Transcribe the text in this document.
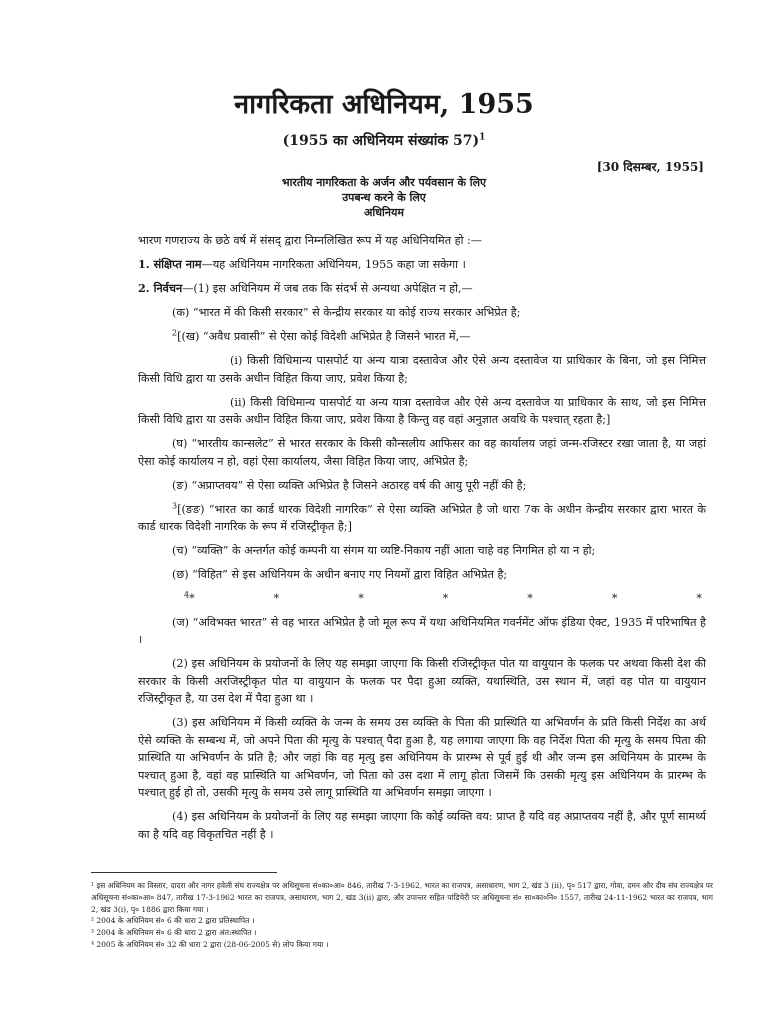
नागरिकता अधिनियम, 1955
(1955 का अधिनियम संख्यांक 57)$^1$
[30 दिसम्बर, 1955]
भारतीय नागरिकता के अर्जन और पर्यवसान के लिए
उपबन्ध करने के लिए
अधिनियम

भारण गणराज्य के छठे वर्ष में संसद् द्वारा निम्नलिखित रूप में यह अधिनियमित हो :—

1. संक्षिप्त नाम—यह अधिनियम नागरिकता अधिनियम, 1955 कहा जा सकेगा ।

2. निर्वचन—(1) इस अधिनियम में जब तक कि संदर्भ से अन्यथा अपेक्षित न हो,—

(क) “भारत में की किसी सरकार” से केन्द्रीय सरकार या कोई राज्य सरकार अभिप्रेत है;

$^2$[(ख) “अवैध प्रवासी” से ऐसा कोई विदेशी अभिप्रेत है जिसने भारत में,—

(i) किसी विधिमान्य पासपोर्ट या अन्य यात्रा दस्तावेज और ऐसे अन्य दस्तावेज या प्राधिकार के बिना, जो इस निमित्त किसी विधि द्वारा या उसके अधीन विहित किया जाए, प्रवेश किया है;

(ii) किसी विधिमान्य पासपोर्ट या अन्य यात्रा दस्तावेज और ऐसे अन्य दस्तावेज या प्राधिकार के साथ, जो इस निमित्त किसी विधि द्वारा या उसके अधीन विहित किया जाए, प्रवेश किया है किन्तु वह वहां अनुज्ञात अवधि के पश्चात् रहता है;]

(घ) “भारतीय कान्सलेट” से भारत सरकार के किसी कौन्सलीय आफिसर का वह कार्यालय जहां जन्म-रजिस्टर रखा जाता है, या जहां ऐसा कोई कार्यालय न हो, वहां ऐसा कार्यालय, जैसा विहित किया जाए, अभिप्रेत है;

(ङ) “अप्राप्तवय” से ऐसा व्यक्ति अभिप्रेत है जिसने अठारह वर्ष की आयु पूरी नहीं की है;

$^3$[(ङङ) “भारत का कार्ड धारक विदेशी नागरिक” से ऐसा व्यक्ति अभिप्रेत है जो धारा 7क के अधीन केन्द्रीय सरकार द्वारा भारत के कार्ड धारक विदेशी नागरिक के रूप में रजिस्ट्रीकृत है;]

(च) “व्यक्ति” के अन्तर्गत कोई कम्पनी या संगम या व्यष्टि-निकाय नहीं आता चाहे वह निगमित हो या न हो;

(छ) “विहित” से इस अधिनियम के अधीन बनाए गए नियमों द्वारा विहित अभिप्रेत है;

$^4$*	*	*	*	*	*	*

(ज) “अविभक्त भारत” से वह भारत अभिप्रेत है जो मूल रूप में यथा अधिनियमित गवर्नमेंट ऑफ इंडिया ऐक्ट, 1935 में परिभाषित है ।

(2) इस अधिनियम के प्रयोजनों के लिए यह समझा जाएगा कि किसी रजिस्ट्रीकृत पोत या वायुयान के फलक पर अथवा किसी देश की सरकार के किसी अरजिस्ट्रीकृत पोत या वायुयान के फलक पर पैदा हुआ व्यक्ति, यथास्थिति, उस स्थान में, जहां वह पोत या वायुयान रजिस्ट्रीकृत है, या उस देश में पैदा हुआ था ।

(3) इस अधिनियम में किसी व्यक्ति के जन्म के समय उस व्यक्ति के पिता की प्रास्थिति या अभिवर्णन के प्रति किसी निर्देश का अर्थ ऐसे व्यक्ति के सम्बन्ध में, जो अपने पिता की मृत्यु के पश्चात् पैदा हुआ है, यह लगाया जाएगा कि वह निर्देश पिता की मृत्यु के समय पिता की प्रास्थिति या अभिवर्णन के प्रति है; और जहां कि वह मृत्यु इस अधिनियम के प्रारम्भ से पूर्व हुई थी और जन्म इस अधिनियम के प्रारम्भ के पश्चात् हुआ है, वहां वह प्रास्थिति या अभिवर्णन, जो पिता को उस दशा में लागू होता जिसमें कि उसकी मृत्यु इस अधिनियम के प्रारम्भ के पश्चात् हुई हो तो, उसकी मृत्यु के समय उसे लागू प्रास्थिति या अभिवर्णन समझा जाएगा ।

(4) इस अधिनियम के प्रयोजनों के लिए यह समझा जाएगा कि कोई व्यक्ति वय: प्राप्त है यदि वह अप्राप्तवय नहीं है, और पूर्ण सामर्थ्य का है यदि वह विकृतचित नहीं है ।

¹ इस अधिनियम का विस्तार, दादरा और नागर हवेली संघ राज्यक्षेत्र पर अधिसूचना सं०का०आ० 846, तारीख 7-3-1962, भारत का राजपत्र, असाधारण, भाग 2, खंड 3 (ii), पृ० 517 द्वारा, गोवा, दमन और दीव संघ राज्यक्षेत्र पर अधिसूचना सं०का०आ० 847, तारीख 17-3-1962 भारत का राजपत्र, असाधारण, भाग 2, खंड 3(ii) द्वारा, और उपान्तर सहित पांडिचेरी पर अधिसूचना सं० सा०का०नि० 1557, तारीख 24-11-1962 भारत का राजपत्र, भाग 2, खंड 3(i), पृ० 1886 द्वारा किया गया ।

² 2004 के अधिनियम सं० 6 की धारा 2 द्वारा प्रतिस्थापित ।

³ 2004 के अधिनियम सं० 6 की धारा 2 द्वारा अंत:स्थापित ।

⁴ 2005 के अधिनियम सं० 32 की धारा 2 द्वारा (28-06-2005 से) लोप किया गया ।
